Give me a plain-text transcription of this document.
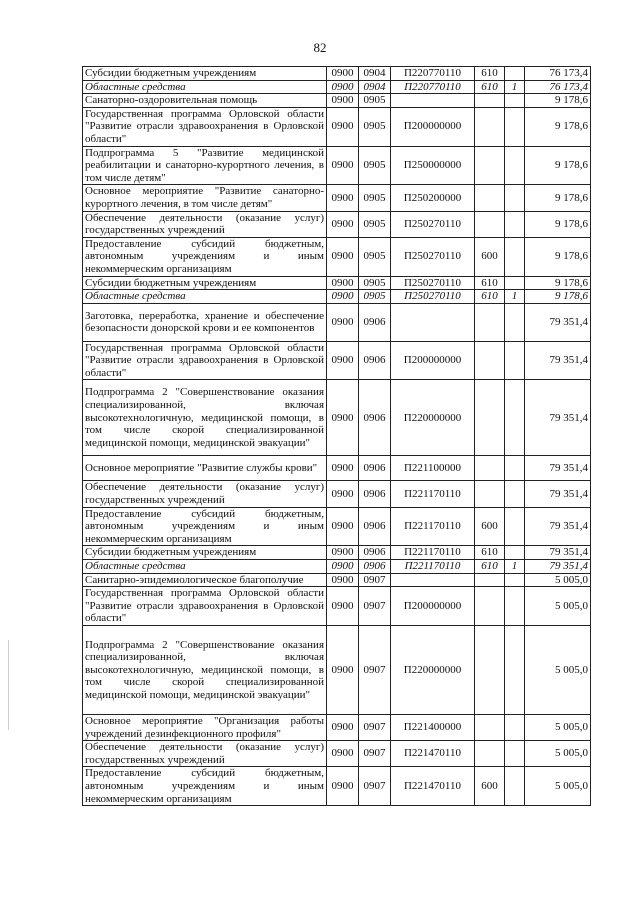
82
Субсидии бюджетным учреждениям	0900	0904	П220770110	610		76 173,4
Областные средства	0900	0904	П220770110	610	1	76 173,4
Санаторно-оздоровительная помощь	0900	0905				9 178,6
Государственная программа Орловской области "Развитие отрасли здравоохранения в Орловской области"	0900	0905	П200000000			9 178,6
Подпрограмма 5 "Развитие медицинской реабилитации и санаторно-курортного лечения, в том числе детям"	0900	0905	П250000000			9 178,6
Основное мероприятие "Развитие санаторно-курортного лечения, в том числе детям"	0900	0905	П250200000			9 178,6
Обеспечение деятельности (оказание услуг) государственных учреждений	0900	0905	П250270110			9 178,6
Предоставление субсидий бюджетным, автономным учреждениям и иным некоммерческим организациям	0900	0905	П250270110	600		9 178,6
Субсидии бюджетным учреждениям	0900	0905	П250270110	610		9 178,6
Областные средства	0900	0905	П250270110	610	1	9 178,6
Заготовка, переработка, хранение и обеспечение безопасности донорской крови и ее компонентов	0900	0906				79 351,4
Государственная программа Орловской области "Развитие отрасли здравоохранения в Орловской области"	0900	0906	П200000000			79 351,4
Подпрограмма 2 "Совершенствование оказания специализированной, включая высокотехнологичную, медицинской помощи, в том числе скорой специализированной медицинской помощи, медицинской эвакуации"	0900	0906	П220000000			79 351,4
Основное мероприятие "Развитие службы крови"	0900	0906	П221100000			79 351,4
Обеспечение деятельности (оказание услуг) государственных учреждений	0900	0906	П221170110			79 351,4
Предоставление субсидий бюджетным, автономным учреждениям и иным некоммерческим организациям	0900	0906	П221170110	600		79 351,4
Субсидии бюджетным учреждениям	0900	0906	П221170110	610		79 351,4
Областные средства	0900	0906	П221170110	610	1	79 351,4
Санитарно-эпидемиологическое благополучие	0900	0907				5 005,0
Государственная программа Орловской области "Развитие отрасли здравоохранения в Орловской области"	0900	0907	П200000000			5 005,0
Подпрограмма 2 "Совершенствование оказания специализированной, включая высокотехнологичную, медицинской помощи, в том числе скорой специализированной медицинской помощи, медицинской эвакуации"	0900	0907	П220000000			5 005,0
Основное мероприятие "Организация работы учреждений дезинфекционного профиля"	0900	0907	П221400000			5 005,0
Обеспечение деятельности (оказание услуг) государственных учреждений	0900	0907	П221470110			5 005,0
Предоставление субсидий бюджетным, автономным учреждениям и иным некоммерческим организациям	0900	0907	П221470110	600		5 005,0
